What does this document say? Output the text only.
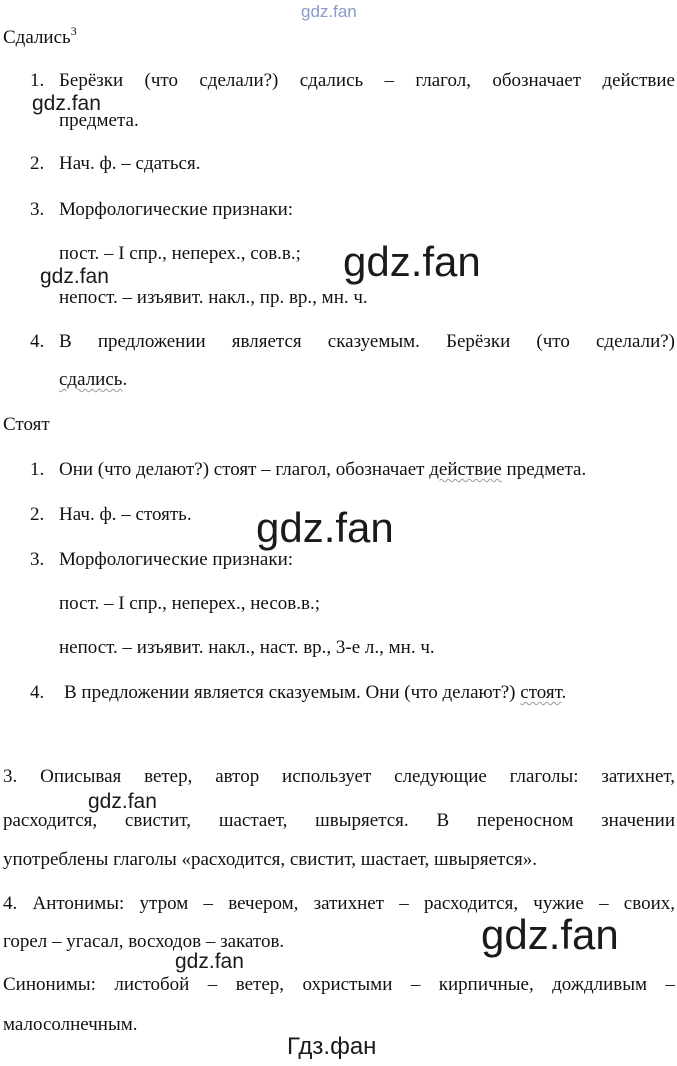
gdz.fan
gdz.fan
gdz.fan	gdz.fan
gdz.fan
gdz.fan
gdz.fan
gdz.fan
Гдз.фан
Сдались$^3$
1. Берёзки (что сделали?) сдались – глагол, обозначает действие
предмета.
2. Нач. ф. – сдаться.
3. Морфологические признаки:
пост. – I спр., неперех., сов.в.;
непост. – изъявит. накл., пр. вр., мн. ч.
4. В предложении является сказуемым. Берёзки (что сделали?)
сдались.
Стоят
1. Они (что делают?) стоят – глагол, обозначает действие предмета.
2. Нач. ф. – стоять.
3. Морфологические признаки:
пост. – I спр., неперех., несов.в.;
непост. – изъявит. накл., наст. вр., 3-е л., мн. ч.
4. В предложении является сказуемым. Они (что делают?) стоят.
3. Описывая ветер, автор использует следующие глаголы: затихнет,
расходится, свистит, шастает, швыряется. В переносном значении
употреблены глаголы «расходится, свистит, шастает, швыряется».
4. Антонимы: утром – вечером, затихнет – расходится, чужие – своих,
горел – угасал, восходов – закатов.
Синонимы: листобой – ветер, охристыми – кирпичные, дождливым –
малосолнечным.
